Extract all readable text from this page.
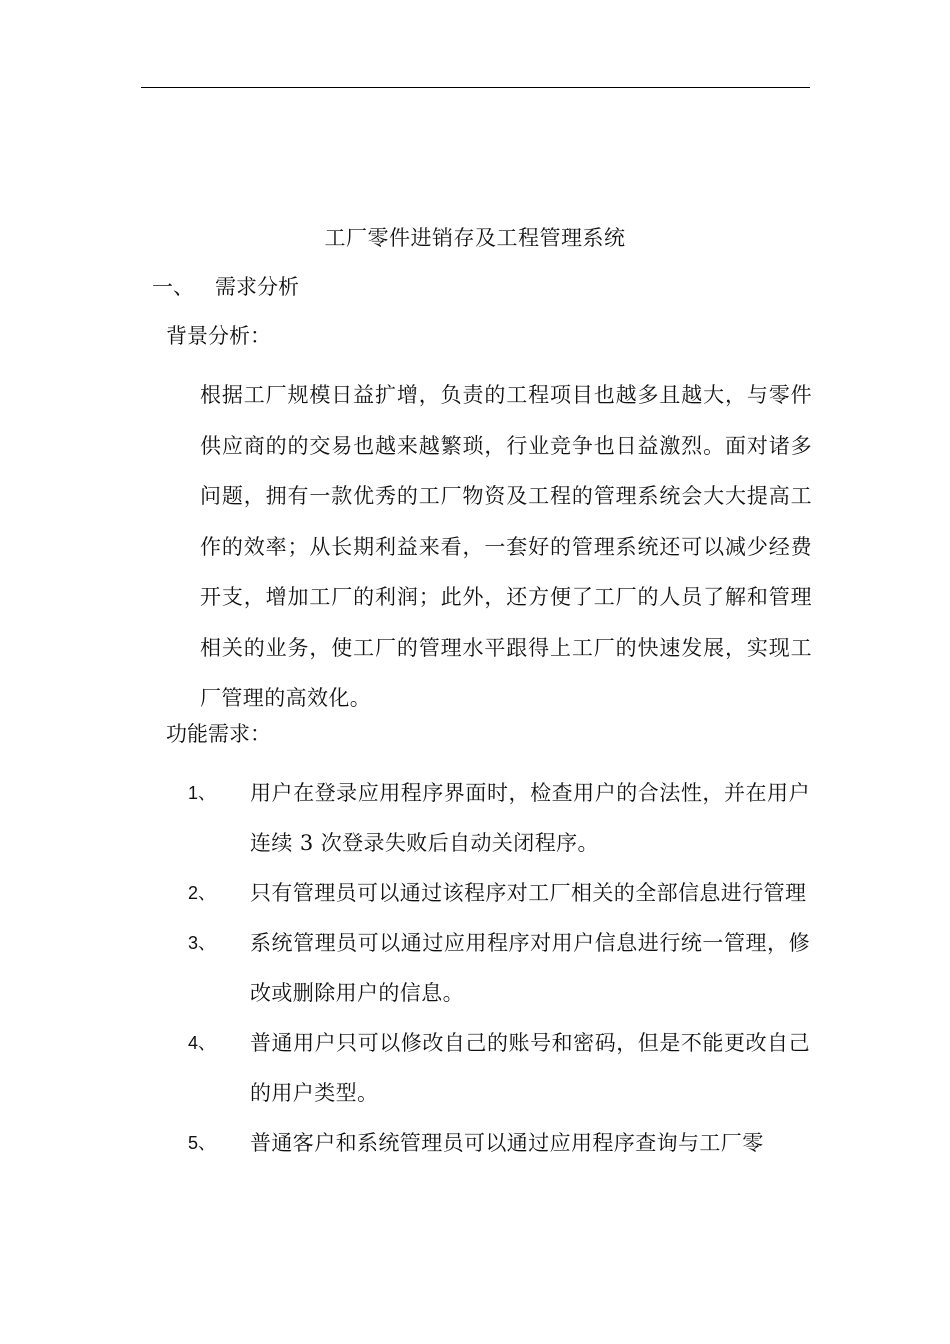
工厂零件进销存及工程管理系统
一、 需求分析
背景分析：
根据工厂规模日益扩增，负责的工程项目也越多且越大，与零件供应商的的交易也越来越繁琐，行业竞争也日益激烈。面对诸多问题，拥有一款优秀的工厂物资及工程的管理系统会大大提高工作的效率；从长期利益来看，一套好的管理系统还可以减少经费开支，增加工厂的利润；此外，还方便了工厂的人员了解和管理相关的业务，使工厂的管理水平跟得上工厂的快速发展，实现工厂管理的高效化。
功能需求：
1、 用户在登录应用程序界面时，检查用户的合法性，并在用户连续 3 次登录失败后自动关闭程序。
2、 只有管理员可以通过该程序对工厂相关的全部信息进行管理
3、 系统管理员可以通过应用程序对用户信息进行统一管理，修改或删除用户的信息。
4、 普通用户只可以修改自己的账号和密码，但是不能更改自己的用户类型。
5、 普通客户和系统管理员可以通过应用程序查询与工厂零
